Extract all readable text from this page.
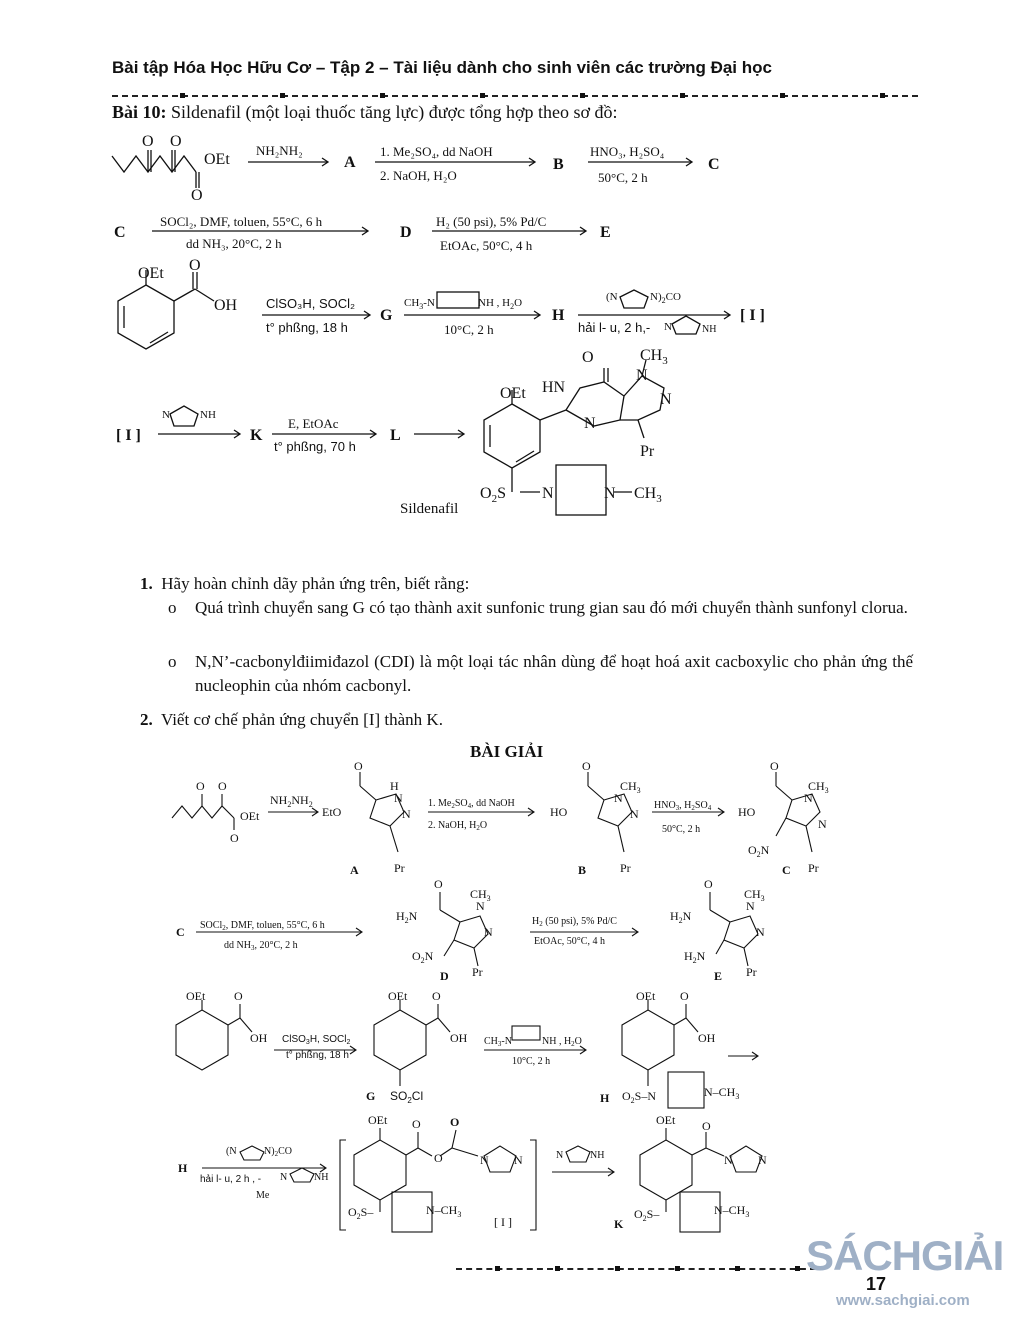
Bài tập Hóa Học Hữu Cơ – Tập 2 – Tài liệu dành cho sinh viên các trường Đại học
Bài 10: Sildenafil (một loại thuốc tăng lực) được tổng hợp theo sơ đồ:
O O
OEt
O
A	B	C
C	D	E
OEt O
OH
G	H	[ I ]
[ I ]	K	L
OEt HN
O	$CH_3$
N
N
N
Pr
$O_2S$ N	N $CH_3$
NH₂NH₂	1. Me₂SO₄, dd NaOH
2. NaOH, H₂O
HNO₃, H₂SO₄
50°C, 2 h
SOCl₂, DMF, toluen, 55°C, 6 h
dd NH₃, 20°C, 2 h
H₂ (50 psi), 5% Pd/C
EtOAc, 50°C, 4 h
ClSO₃H, SOCl₂
t° phßng, 18 h
$CH_3-N$	NH , $H_2O$
10°C, 2 h
(N	$N)_2CO$
hải l- u, 2 h,- N	NH
N	NH
E, EtOAc
t° phßng, 70 h
Sildenafil
1. Hãy hoàn chỉnh dãy phản ứng trên, biết rằng:
o	Quá trình chuyển sang G có tạo thành axit sunfonic trung gian sau đó mới chuyển thành sunfonyl clorua.
o	N,N’-cacbonylđiimiđazol (CDI) là một loại tác nhân dùng để hoạt hoá axit cacboxylic cho phản ứng thế nucleophin của nhóm cacbonyl.
2. Viết cơ chế phản ứng chuyển [I] thành K.
BÀI GIẢI
O O
OEt
O
$NH_2NH_2$
EtO
O
H
N
N
A	Pr
1. $Me_2SO_4$, dd NaOH
2. NaOH, $H_2O$
HO
O
$CH_3$
N
N
B	Pr
$HNO_3$, $H_2SO_4$
50°C, 2 h
HO
O
$CH_3$
N
N
$O_2N$
C Pr
C SOCl$_2$, DMF, toluen, 55°C, 6 h
dd $NH_3$, 20°C, 2 h
$H_2N$
O
$CH_3$
N
N
$O_2N$
D Pr
$H_2$ (50 psi), 5% Pd/C
EtOAc, 50°C, 4 h
$H_2N$
O
$CH_3$
N
N
$H_2N$
E Pr
OEt O
OH ClSO$_3$H, SOCl$_2$
t° phßng, 18 h
OEt O
OH
G $SO_2Cl$
$CH_3-N$	NH , $H_2O$
10°C, 2 h
OEt O
OH
H $O_2S-N$	$N-CH_3$
H
(N	$N)_2CO$
hải l- u, 2 h , - N	NH
Me
OEt O
O
O
N N
$O_2S-$	$N-CH_3$
[ I ]
N	NH
OEt O
N N
K
$O_2S-$	$N-CH_3$
17
SÁCHGIẢI
www.sachgiai.com
